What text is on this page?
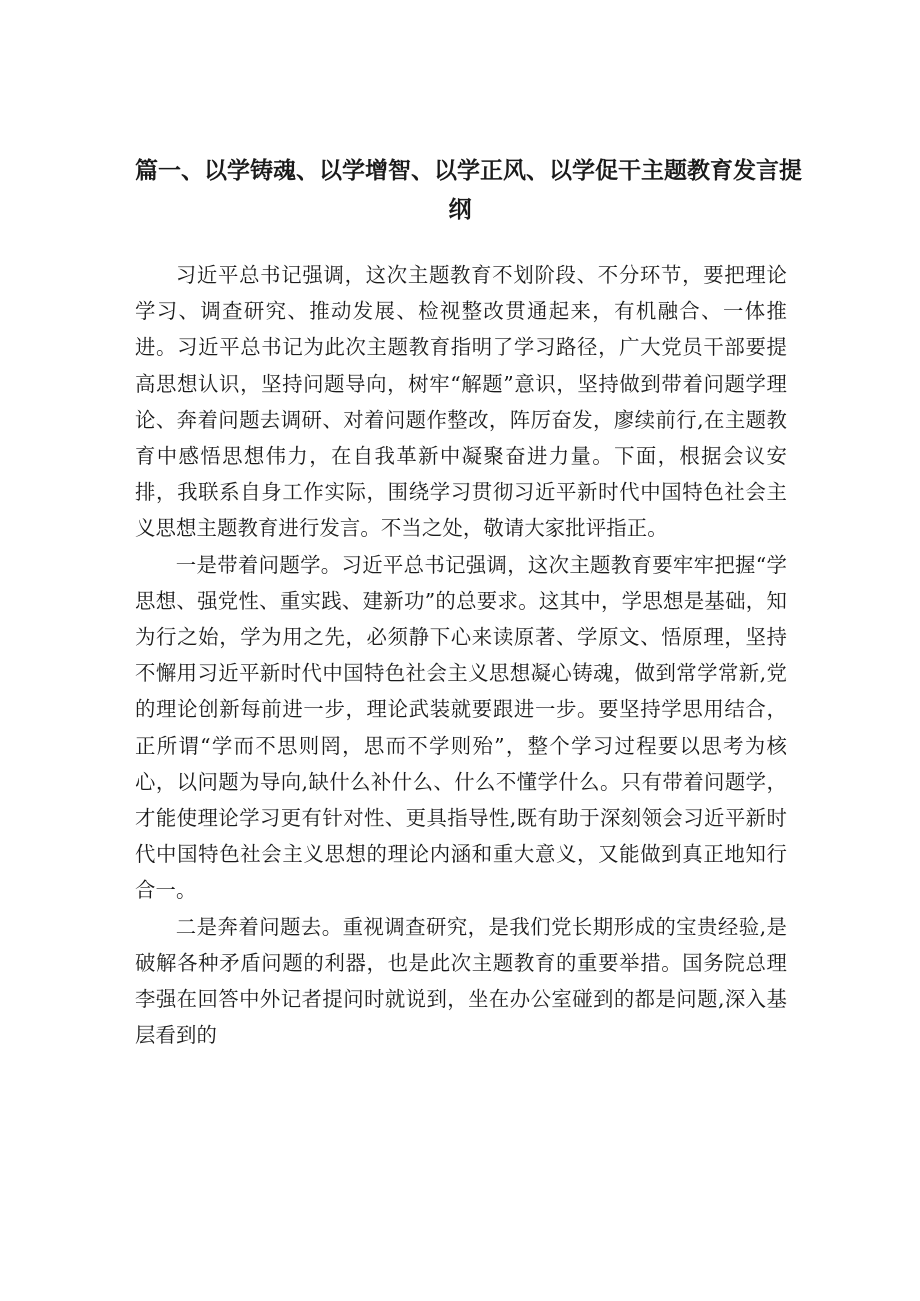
篇一、以学铸魂、以学增智、以学正风、以学促干主题教育发言提
纲

习近平总书记强调，这次主题教育不划阶段、不分环节，要把理论学习、调查研究、推动发展、检视整改贯通起来，有机融合、一体推进。习近平总书记为此次主题教育指明了学习路径，广大党员干部要提高思想认识，坚持问题导向，树牢“解题”意识，坚持做到带着问题学理论、奔着问题去调研、对着问题作整改，阵厉奋发，廖续前行,在主题教育中感悟思想伟力，在自我革新中凝聚奋进力量。下面，根据会议安排，我联系自身工作实际，围绕学习贯彻习近平新时代中国特色社会主义思想主题教育进行发言。不当之处，敬请大家批评指正。

一是带着问题学。习近平总书记强调，这次主题教育要牢牢把握“学思想、强党性、重实践、建新功”的总要求。这其中，学思想是基础，知为行之始，学为用之先，必须静下心来读原著、学原文、悟原理，坚持不懈用习近平新时代中国特色社会主义思想凝心铸魂，做到常学常新,党的理论创新每前进一步，理论武装就要跟进一步。要坚持学思用结合，正所谓“学而不思则罔，思而不学则殆”，整个学习过程要以思考为核心，以问题为导向,缺什么补什么、什么不懂学什么。只有带着问题学，才能使理论学习更有针对性、更具指导性,既有助于深刻领会习近平新时代中国特色社会主义思想的理论内涵和重大意义，又能做到真正地知行合一。

二是奔着问题去。重视调查研究，是我们党长期形成的宝贵经验,是破解各种矛盾问题的利器，也是此次主题教育的重要举措。国务院总理李强在回答中外记者提问时就说到，坐在办公室碰到的都是问题,深入基层看到的
